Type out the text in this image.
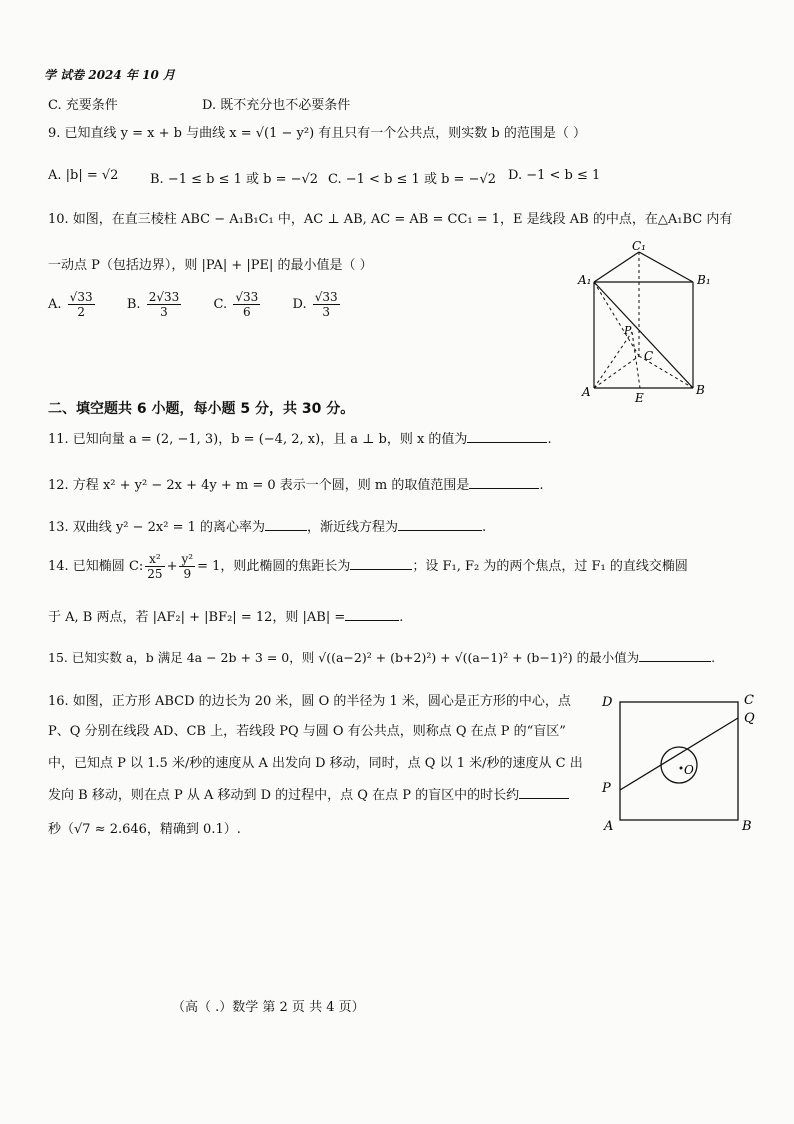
学 试卷 2024 年 10 月
C. 充要条件	D. 既不充分也不必要条件
9. 已知直线 y = x + b 与曲线 x = √(1 − y²) 有且只有一个公共点，则实数 b 的范围是（ ）
A. |b| = √2 B. −1 ≤ b ≤ 1 或 b = −√2 C. −1 < b ≤ 1 或 b = −√2 D. −1 < b ≤ 1
10. 如图，在直三棱柱 ABC − A₁B₁C₁ 中，AC ⊥ AB, AC = AB = CC₁ = 1，E 是线段 AB 的中点，在△A₁BC 内有
一动点 P（包括边界），则 |PA| + |PE| 的最小值是（ ）
A. $\frac{√33}{2} B$. $\frac{2√33}{3} C$. $\frac{√33}{6} D$. $\frac{√33}{3}$
C₁
A₁	B₁
P
C
A	B
E
二、填空题共 6 小题，每小题 5 分，共 30 分。
11. 已知向量 a = (2, −1, 3)，b = (−4, 2, x)，且 a ⊥ b，则 x 的值为	.
12. 方程 x² + y² − 2x + 4y + m = 0 表示一个圆，则 m 的取值范围是	.
13. 双曲线 y² − 2x² = 1 的离心率为	，渐近线方程为	.
14. 已知椭圆 C: $\frac{\text{x²}}{25} + \frac{\text{y²}}{9} = 1$，则此椭圆的焦距长为	；设 F₁, F₂ 为的两个焦点，过 F₁ 的直线交椭圆
于 A, B 两点，若 |AF₂| + |BF₂| = 12，则 |AB| =	.
15. 已知实数 a，b 满足 4a − 2b + 3 = 0，则 √((a−2)² + (b+2)²) + √((a−1)² + (b−1)²) 的最小值为	.
16. 如图，正方形 ABCD 的边长为 20 米，圆 O 的半径为 1 米，圆心是正方形的中心，点
P、Q 分别在线段 AD、CB 上，若线段 PQ 与圆 O 有公共点，则称点 Q 在点 P 的“盲区”
中，已知点 P 以 1.5 米/秒的速度从 A 出发向 D 移动，同时，点 Q 以 1 米/秒的速度从 C 出
发向 B 移动，则在点 P 从 A 移动到 D 的过程中，点 Q 在点 P 的盲区中的时长约
秒（√7 ≈ 2.646，精确到 0.1）.
D	C
Q
P
O
A	B
（高（ .）数学 第 2 页 共 4 页）
